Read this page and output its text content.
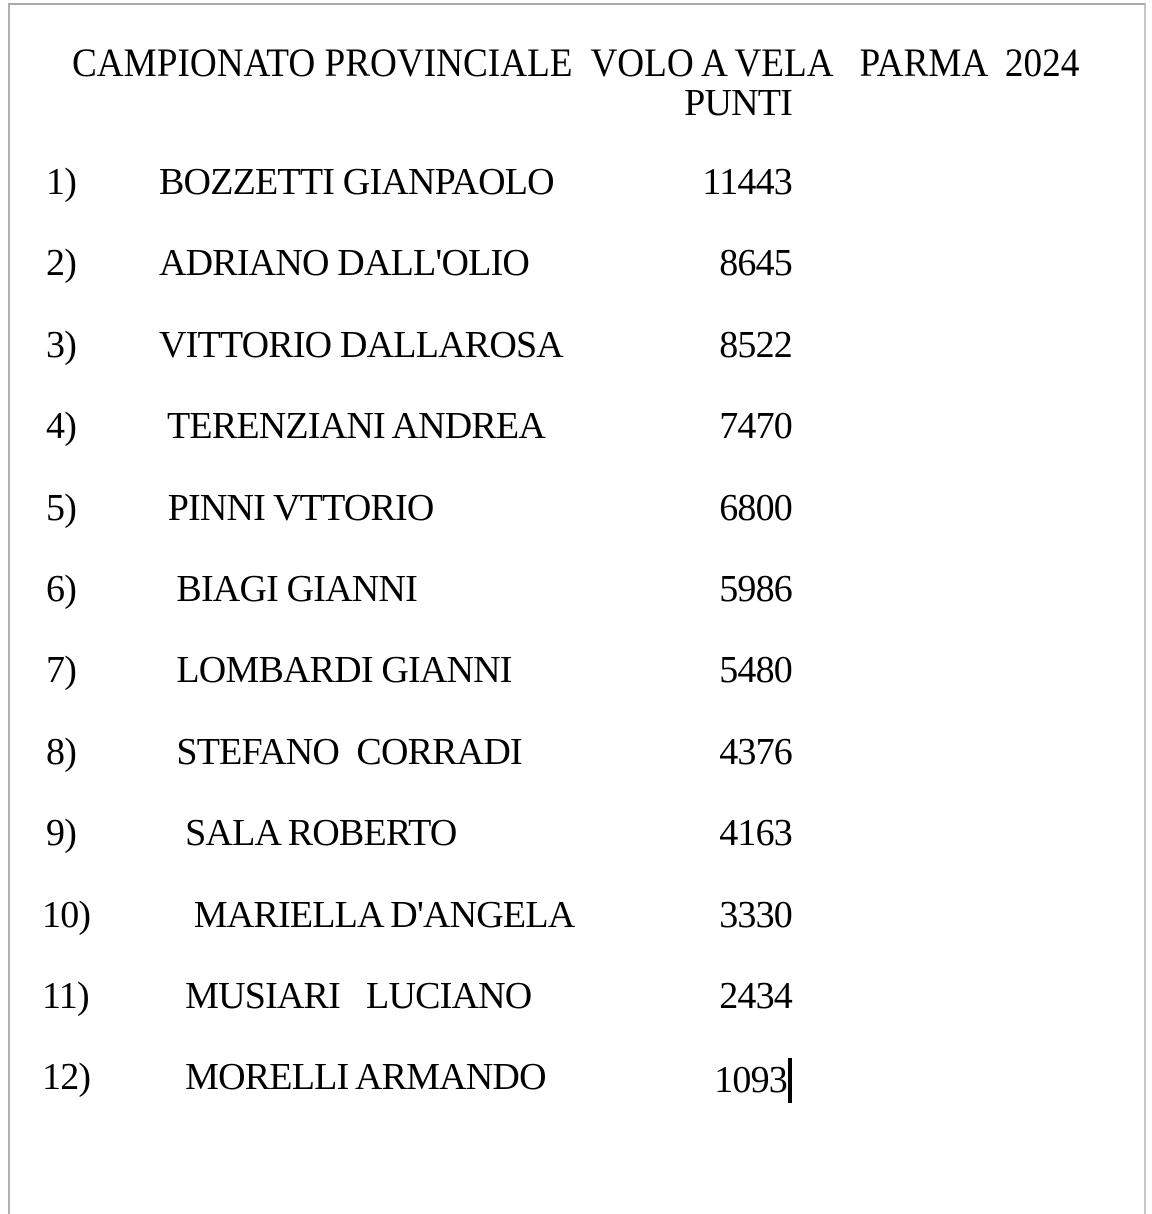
CAMPIONATO PROVINCIALE  VOLO A VELA   PARMA  2024

PUNTI
1) BOZZETTI GIANPAOLO	11443
2) ADRIANO DALL'OLIO	8645
3) VITTORIO DALLAROSA	8522
4) TERENZIANI ANDREA	7470
5) PINNI VTTORIO	6800
6) BIAGI GIANNI	5986
7) LOMBARDI GIANNI	5480
8) STEFANO  CORRADI	4376
9) SALA ROBERTO	4163
10) MARIELLA D'ANGELA	3330
11) MUSIARI   LUCIANO	2434
12) MORELLI ARMANDO	1093
